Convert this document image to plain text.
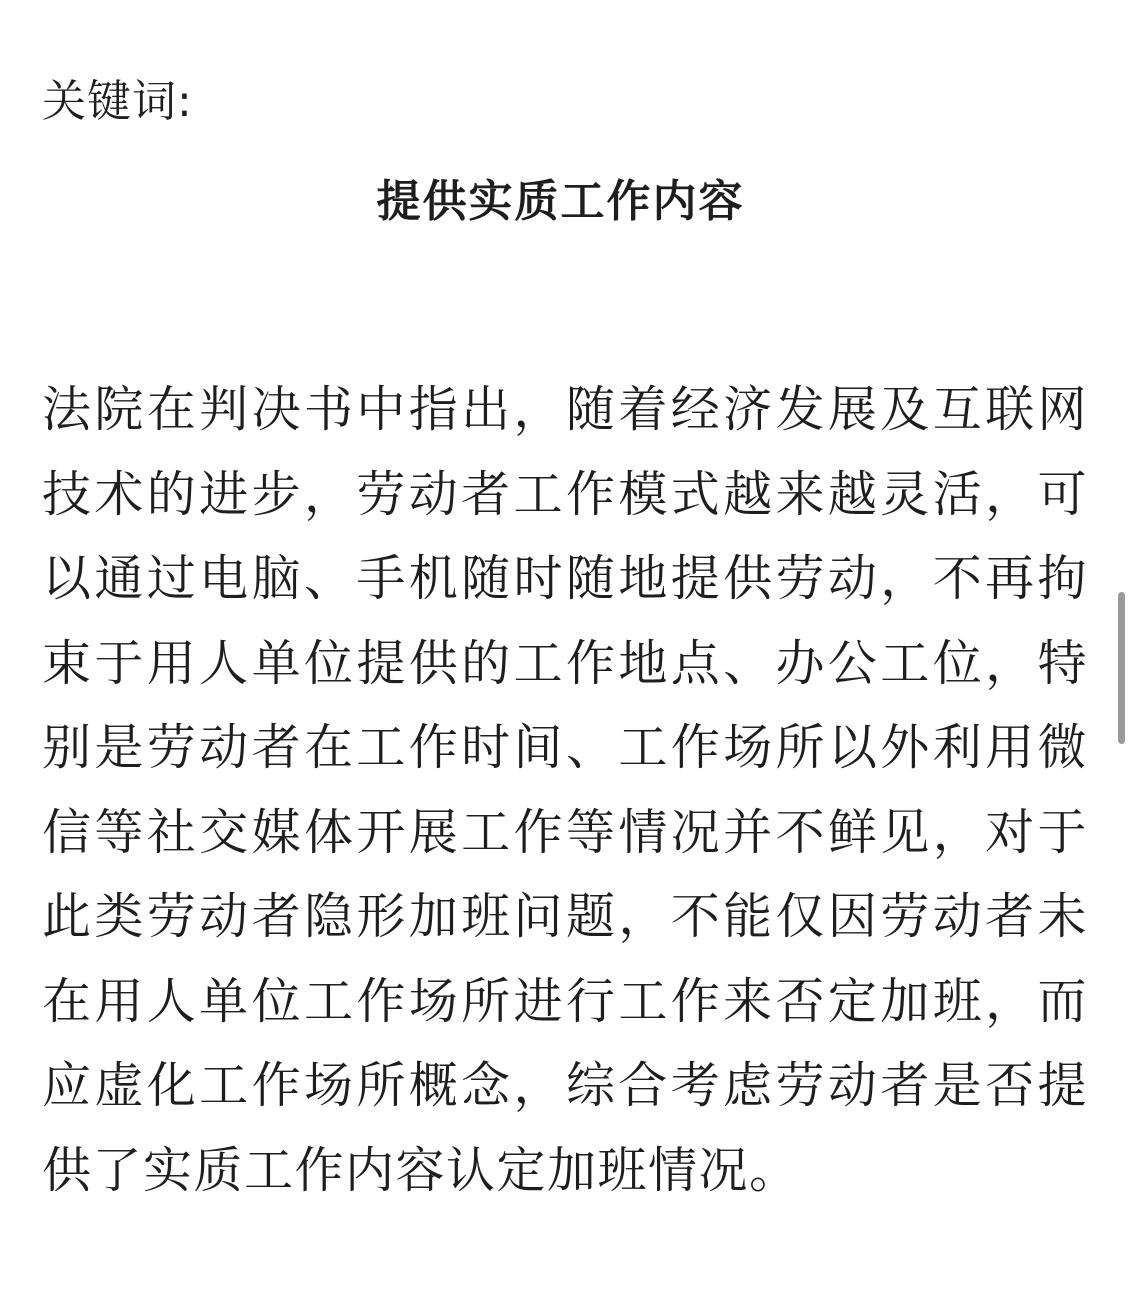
关键词:
提供实质工作内容

法院在判决书中指出，随着经济发展及互联网技术的进步，劳动者工作模式越来越灵活，可以通过电脑、手机随时随地提供劳动，不再拘束于用人单位提供的工作地点、办公工位，特别是劳动者在工作时间、工作场所以外利用微信等社交媒体开展工作等情况并不鲜见，对于此类劳动者隐形加班问题，不能仅因劳动者未在用人单位工作场所进行工作来否定加班，而应虚化工作场所概念，综合考虑劳动者是否提供了实质工作内容认定加班情况。
